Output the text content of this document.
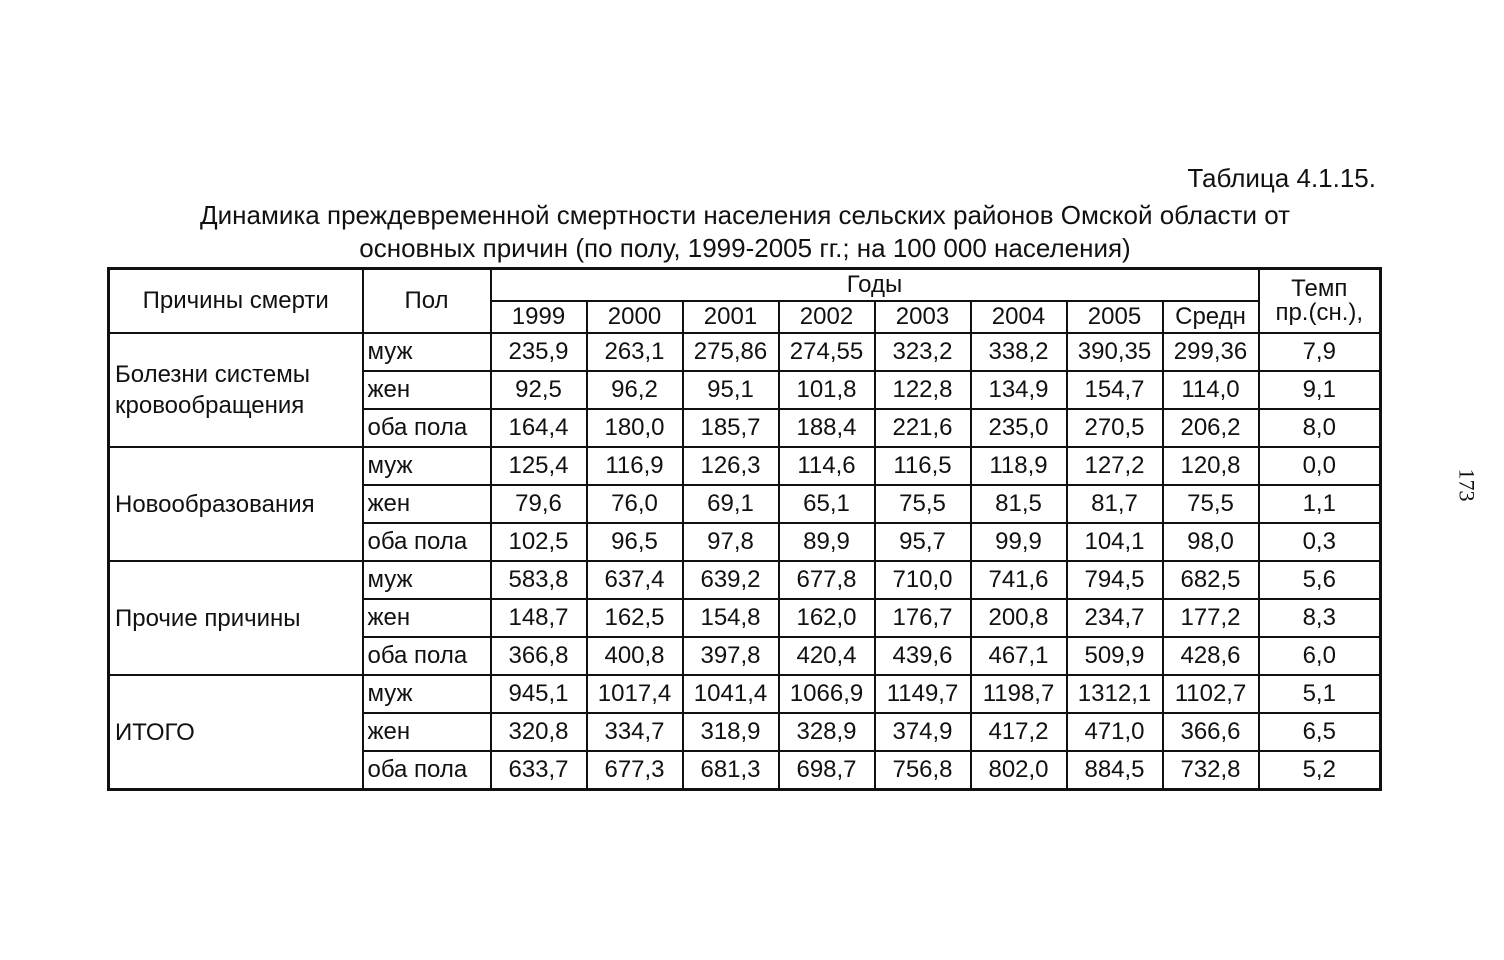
Таблица 4.1.15.
Динамика преждевременной смертности населения сельских районов Омской области от
основных причин (по полу, 1999-2005 гг.; на 100 000 населения)
173
Причины смерти	Пол	Годы								Темп
пр.(сн.),

		1999	2000	2001	2002	2003	2004	2005	Средн	
Болезни системы кровообращения	муж	235,9	263,1	275,86	274,55	323,2	338,2	390,35	299,36	7,9
	жен	92,5	96,2	95,1	101,8	122,8	134,9	154,7	114,0	9,1
	оба пола	164,4	180,0	185,7	188,4	221,6	235,0	270,5	206,2	8,0
Новообразования	муж	125,4	116,9	126,3	114,6	116,5	118,9	127,2	120,8	0,0
	жен	79,6	76,0	69,1	65,1	75,5	81,5	81,7	75,5	1,1
	оба пола	102,5	96,5	97,8	89,9	95,7	99,9	104,1	98,0	0,3
Прочие причины	муж	583,8	637,4	639,2	677,8	710,0	741,6	794,5	682,5	5,6
	жен	148,7	162,5	154,8	162,0	176,7	200,8	234,7	177,2	8,3
	оба пола	366,8	400,8	397,8	420,4	439,6	467,1	509,9	428,6	6,0
ИТОГО	муж	945,1	1017,4	1041,4	1066,9	1149,7	1198,7	1312,1	1102,7	5,1
	жен	320,8	334,7	318,9	328,9	374,9	417,2	471,0	366,6	6,5
	оба пола	633,7	677,3	681,3	698,7	756,8	802,0	884,5	732,8	5,2
